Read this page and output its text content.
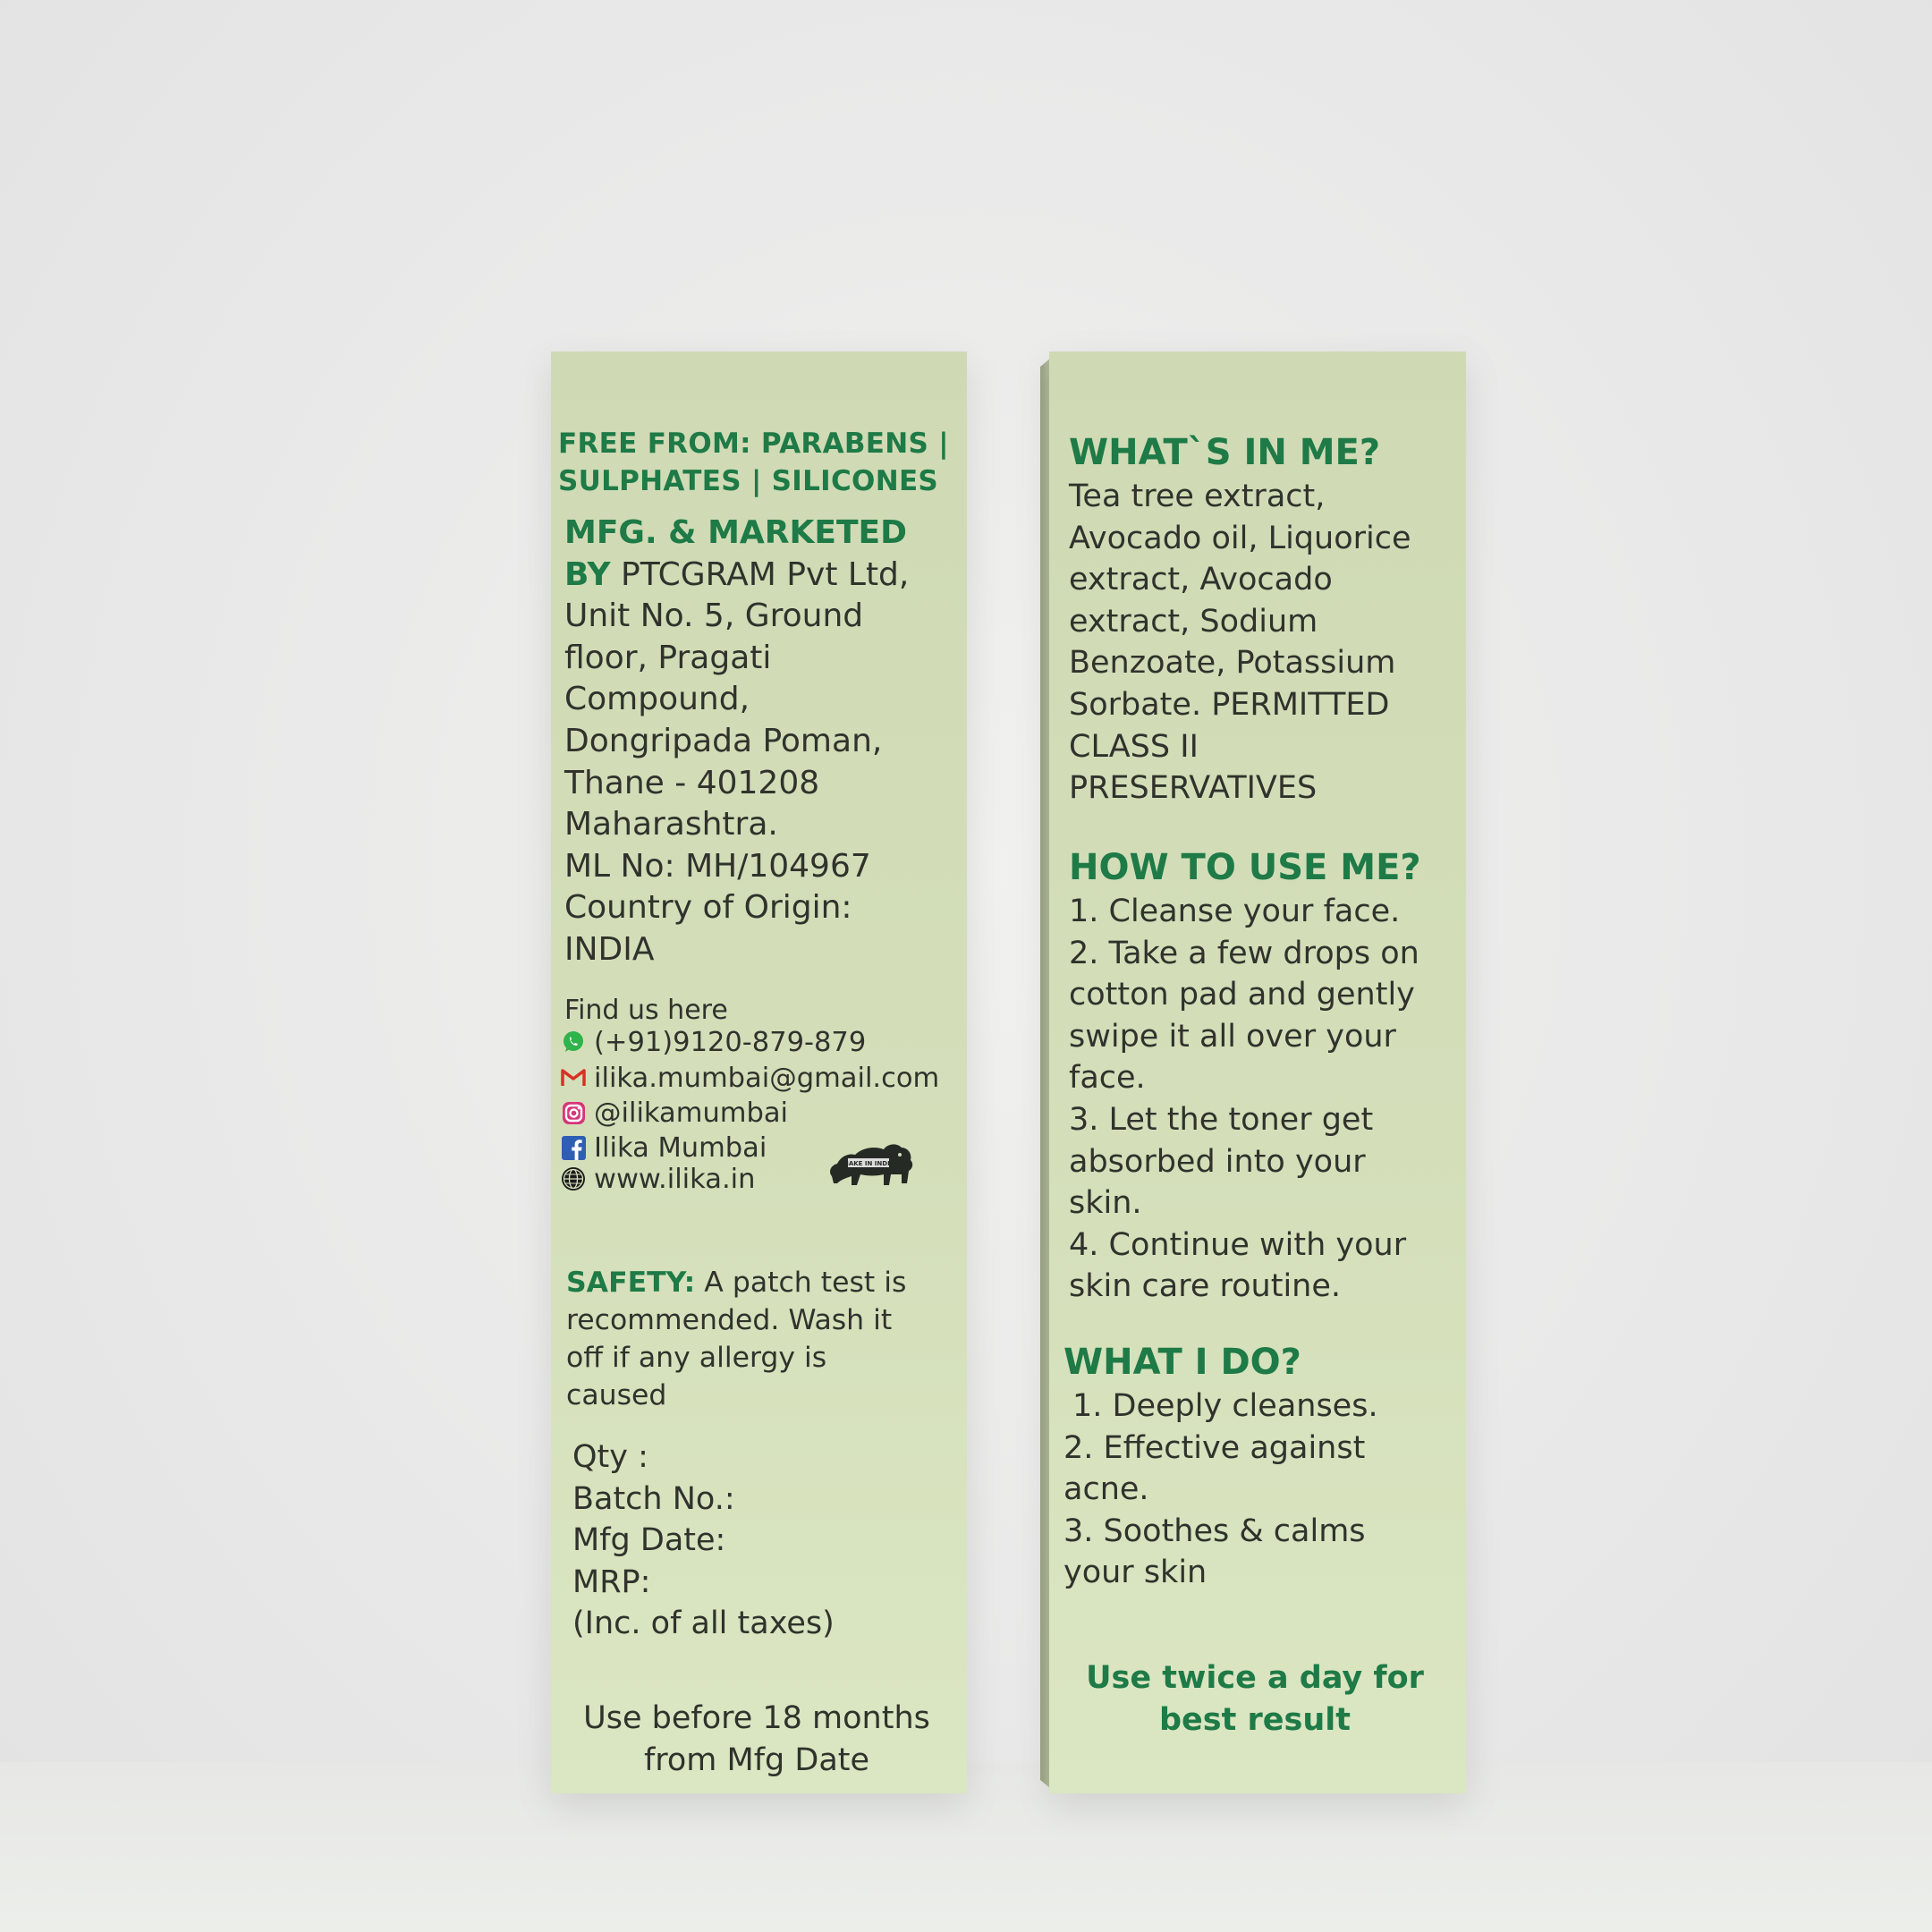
FREE FROM: PARABENS |
SULPHATES | SILICONES
MFG. & MARKETED
BY PTCGRAM Pvt Ltd,
Unit No. 5, Ground
floor, Pragati
Compound,
Dongripada Poman,
Thane - 401208
Maharashtra.
ML No: MH/104967
Country of Origin:
INDIA
Find us here
(+91)9120-879-879
ilika.mumbai@gmail.com
@ilikamumbai
Ilika Mumbai
www.ilika.in	MAKE IN INDIA
SAFETY: A patch test is
recommended. Wash it
off if any allergy is
caused
Qty :
Batch No.:
Mfg Date:
MRP:
(Inc. of all taxes)
Use before 18 months
from Mfg Date
WHAT`S IN ME?
Tea tree extract,
Avocado oil, Liquorice
extract, Avocado
extract, Sodium
Benzoate, Potassium
Sorbate. PERMITTED
CLASS II
PRESERVATIVES
HOW TO USE ME?
1. Cleanse your face.
2. Take a few drops on
cotton pad and gently
swipe it all over your
face.
3. Let the toner get
absorbed into your
skin.
4. Continue with your
skin care routine.
WHAT I DO?
1. Deeply cleanses.
2. Effective against
acne.
3. Soothes & calms
your skin
Use twice a day for
best result
